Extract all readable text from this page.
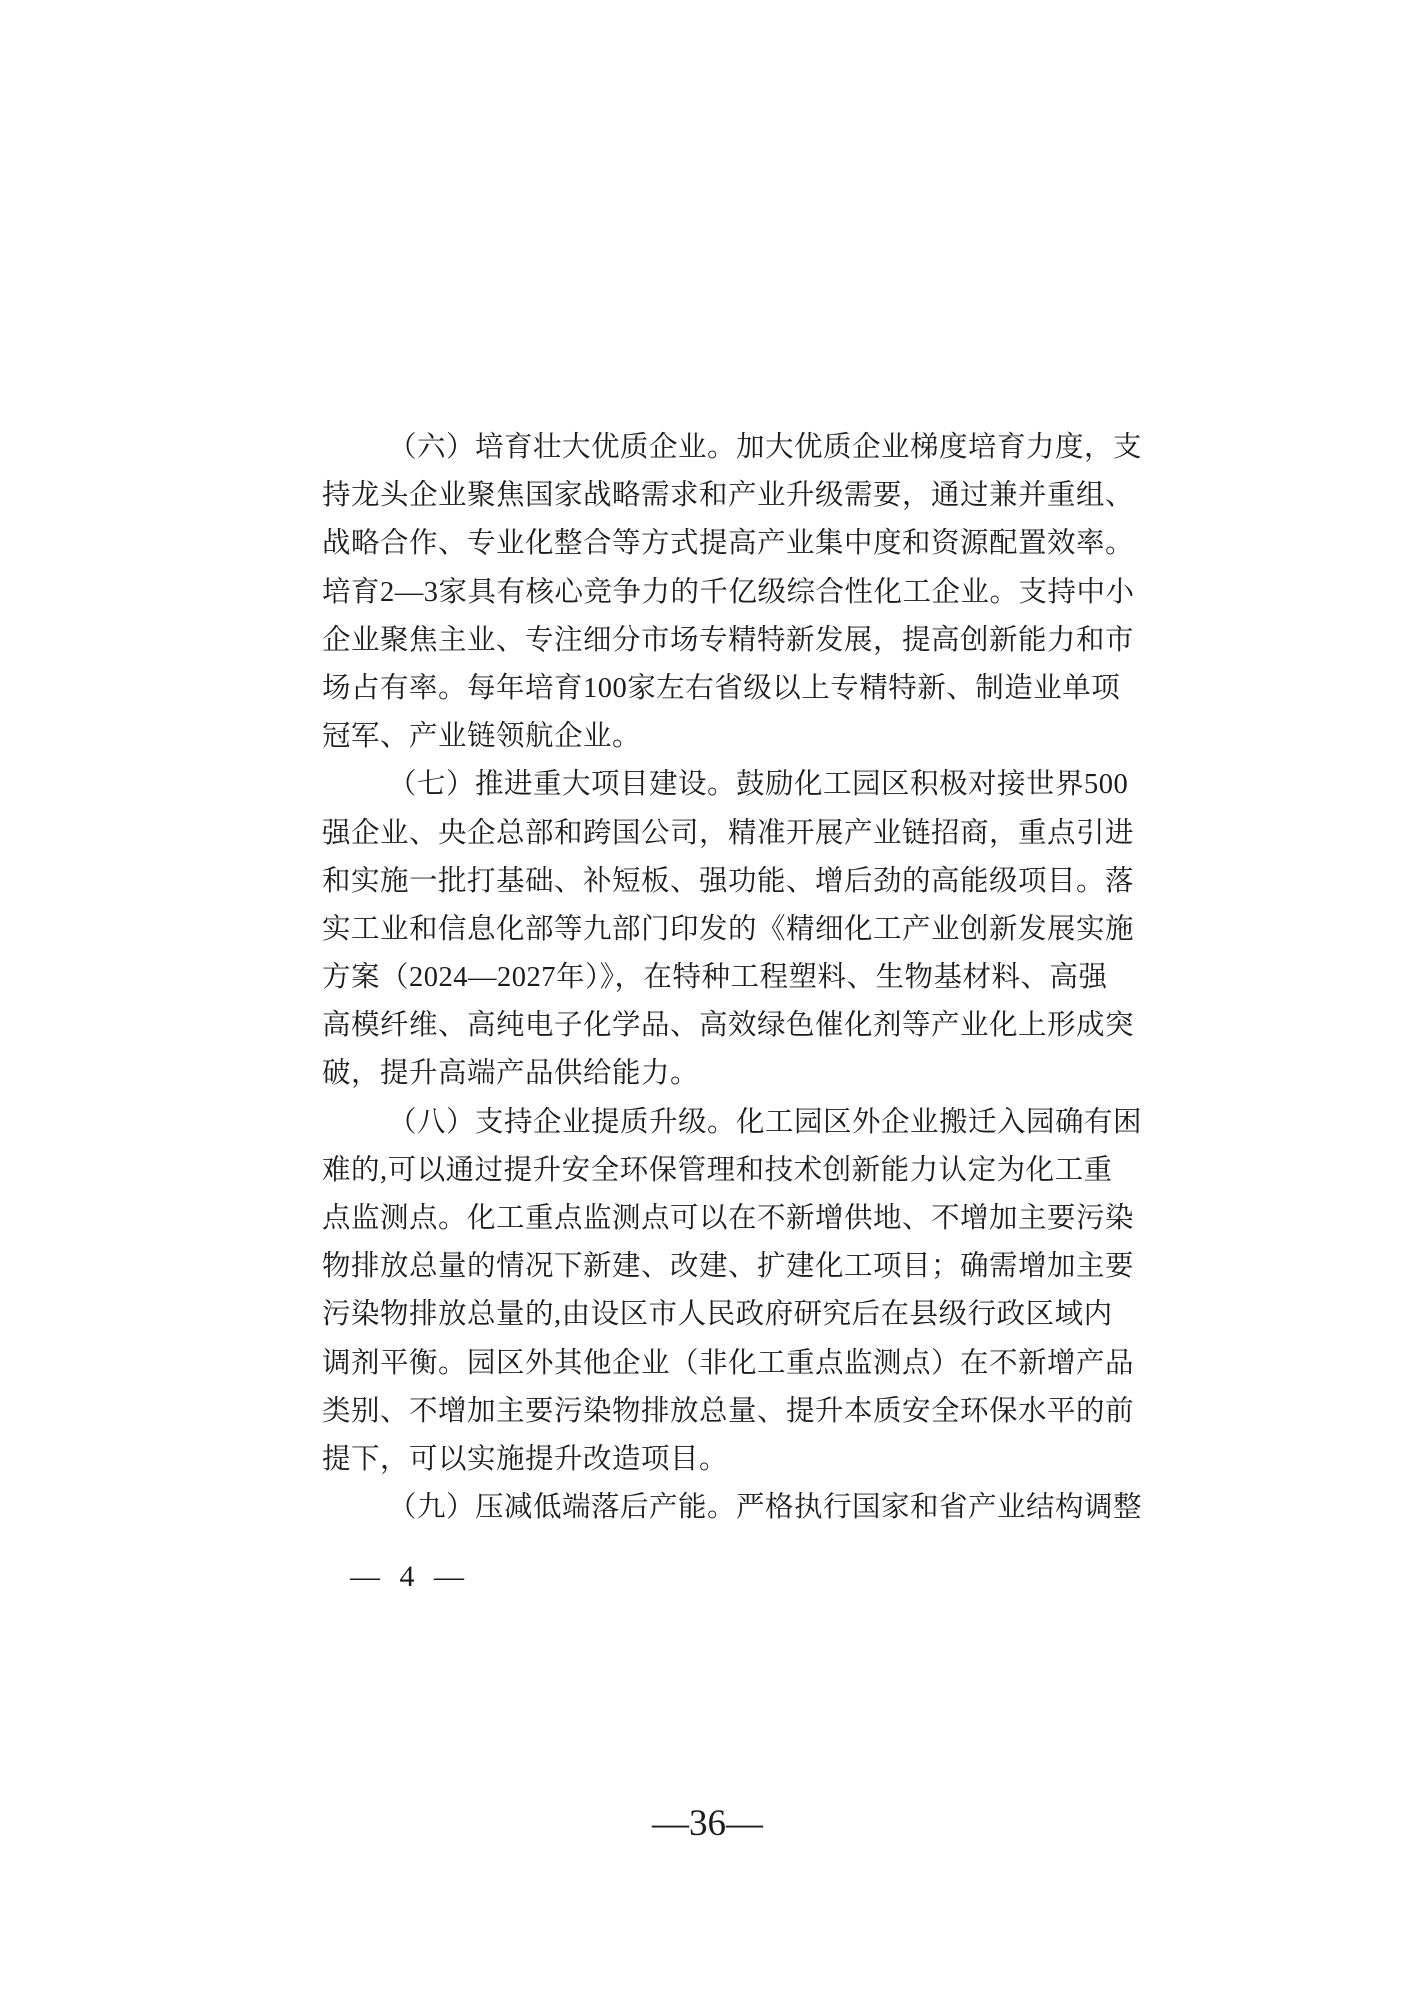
（六）培育壮大优质企业。加大优质企业梯度培育力度，支
持龙头企业聚焦国家战略需求和产业升级需要，通过兼并重组、
战略合作、专业化整合等方式提高产业集中度和资源配置效率。
培育2—3家具有核心竞争力的千亿级综合性化工企业。支持中小
企业聚焦主业、专注细分市场专精特新发展，提高创新能力和市
场占有率。每年培育100家左右省级以上专精特新、制造业单项
冠军、产业链领航企业。
（七）推进重大项目建设。鼓励化工园区积极对接世界500
强企业、央企总部和跨国公司，精准开展产业链招商，重点引进
和实施一批打基础、补短板、强功能、增后劲的高能级项目。落
实工业和信息化部等九部门印发的《精细化工产业创新发展实施
方案（2024—2027年）》，在特种工程塑料、生物基材料、高强
高模纤维、高纯电子化学品、高效绿色催化剂等产业化上形成突
破，提升高端产品供给能力。
（八）支持企业提质升级。化工园区外企业搬迁入园确有困
难的,可以通过提升安全环保管理和技术创新能力认定为化工重
点监测点。化工重点监测点可以在不新增供地、不增加主要污染
物排放总量的情况下新建、改建、扩建化工项目；确需增加主要
污染物排放总量的,由设区市人民政府研究后在县级行政区域内
调剂平衡。园区外其他企业（非化工重点监测点）在不新增产品
类别、不增加主要污染物排放总量、提升本质安全环保水平的前
提下，可以实施提升改造项目。
（九）压减低端落后产能。严格执行国家和省产业结构调整
— 4 —
—36—
